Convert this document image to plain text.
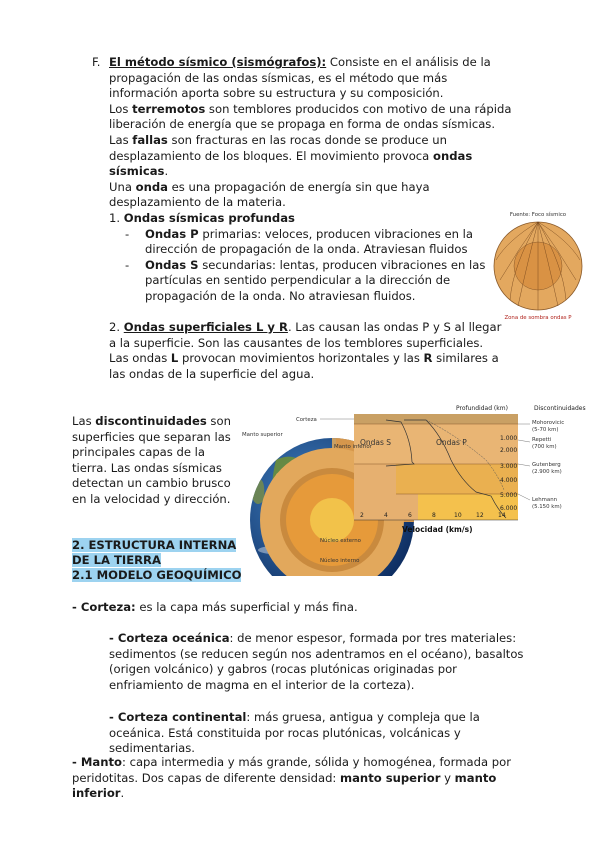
F. El método sísmico (sismógrafos): Consiste en el análisis de la propagación de las ondas sísmicas, es el método que más información aporta sobre su estructura y su composición.

Los terremotos son temblores producidos con motivo de una rápida liberación de energía que se propaga en forma de ondas sísmicas.

Las fallas son fracturas en las rocas donde se produce un desplazamiento de los bloques. El movimiento provoca ondas sísmicas.

Una onda es una propagación de energía sin que haya desplazamiento de la materia.

1. Ondas sísmicas profundas

- Ondas P primarias: veloces, producen vibraciones en la dirección de propagación de la onda. Atraviesan fluidos
- Ondas S secundarias: lentas, producen vibraciones en las partículas en sentido perpendicular a la dirección de propagación de la onda. No atraviesan fluidos.
Fuente: Foco sísmico
Zona de sombra ondas P

2. Ondas superficiales L y R. Las causan las ondas P y S al llegar a la superficie. Son las causantes de los temblores superficiales.

Las ondas L provocan movimientos horizontales y las R similares a las ondas de la superficie del agua.

Las discontinuidades son superficies que separan las principales capas de la tierra. Las ondas sísmicas detectan un cambio brusco en la velocidad y dirección.

2	4	6	8	10 12 14
Velocidad (km/s)
1.000
2.000
3.000
4.000
5.000
6.000
Profundidad (km)	Discontinuidades
Mohorovicic
(5-70 km)
Repetti
(700 km)
Gutenberg
(2.900 km)
Lehmann
(5.150 km)
Corteza
Manto superior
Manto inferior
Ondas S	Ondas P
Núcleo externo
Núcleo interno
2. ESTRUCTURA INTERNA
DE LA TIERRA
2.1 MODELO GEOQUÍMICO

- Corteza: es la capa más superficial y más fina.

- Corteza oceánica: de menor espesor, formada por tres materiales: sedimentos (se reducen según nos adentramos en el océano), basaltos (origen volcánico) y gabros (rocas plutónicas originadas por enfriamiento de magma en el interior de la corteza).

- Corteza continental: más gruesa, antigua y compleja que la oceánica. Está constituida por rocas plutónicas, volcánicas y sedimentarias.

- Manto: capa intermedia y más grande, sólida y homogénea, formada por peridotitas. Dos capas de diferente densidad: manto superior y manto inferior.
